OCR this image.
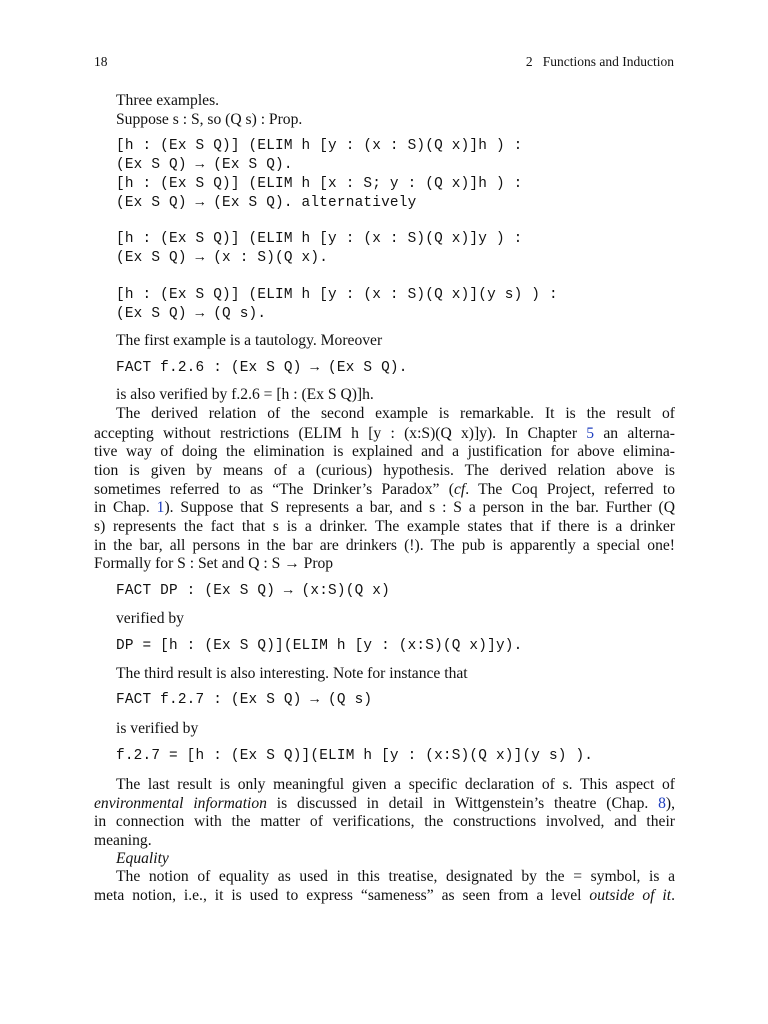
18	2   Functions and Induction
Three examples.
Suppose s : S, so (Q s) : Prop.
[h : (Ex S Q)] (ELIM h [y : (x : S)(Q x)]h ) :
(Ex S Q) → (Ex S Q).
[h : (Ex S Q)] (ELIM h [x : S; y : (Q x)]h ) :
(Ex S Q) → (Ex S Q). alternatively
[h : (Ex S Q)] (ELIM h [y : (x : S)(Q x)]y ) :
(Ex S Q) → (x : S)(Q x).
[h : (Ex S Q)] (ELIM h [y : (x : S)(Q x)](y s) ) :
(Ex S Q) → (Q s).
The first example is a tautology. Moreover
FACT f.2.6 : (Ex S Q) → (Ex S Q).
is also verified by f.2.6 = [h : (Ex S Q)]h.
The derived relation of the second example is remarkable. It is the result of
accepting without restrictions (ELIM h [y : (x:S)(Q x)]y). In Chapter 5 an alterna-
tive way of doing the elimination is explained and a justification for above elimina-
tion is given by means of a (curious) hypothesis. The derived relation above is
sometimes referred to as “The Drinker’s Paradox” (cf. The Coq Project, referred to
in Chap. 1). Suppose that S represents a bar, and s : S a person in the bar. Further (Q
s) represents the fact that s is a drinker. The example states that if there is a drinker
in the bar, all persons in the bar are drinkers (!). The pub is apparently a special one!
Formally for S : Set and Q : S → Prop
FACT DP : (Ex S Q) → (x:S)(Q x)
verified by
DP = [h : (Ex S Q)](ELIM h [y : (x:S)(Q x)]y).
The third result is also interesting. Note for instance that
FACT f.2.7 : (Ex S Q) → (Q s)
is verified by
f.2.7 = [h : (Ex S Q)](ELIM h [y : (x:S)(Q x)](y s) ).
The last result is only meaningful given a specific declaration of s. This aspect of
environmental information is discussed in detail in Wittgenstein’s theatre (Chap. 8),
in connection with the matter of verifications, the constructions involved, and their
meaning.
Equality
The notion of equality as used in this treatise, designated by the = symbol, is a
meta notion, i.e., it is used to express “sameness” as seen from a level outside of it.
